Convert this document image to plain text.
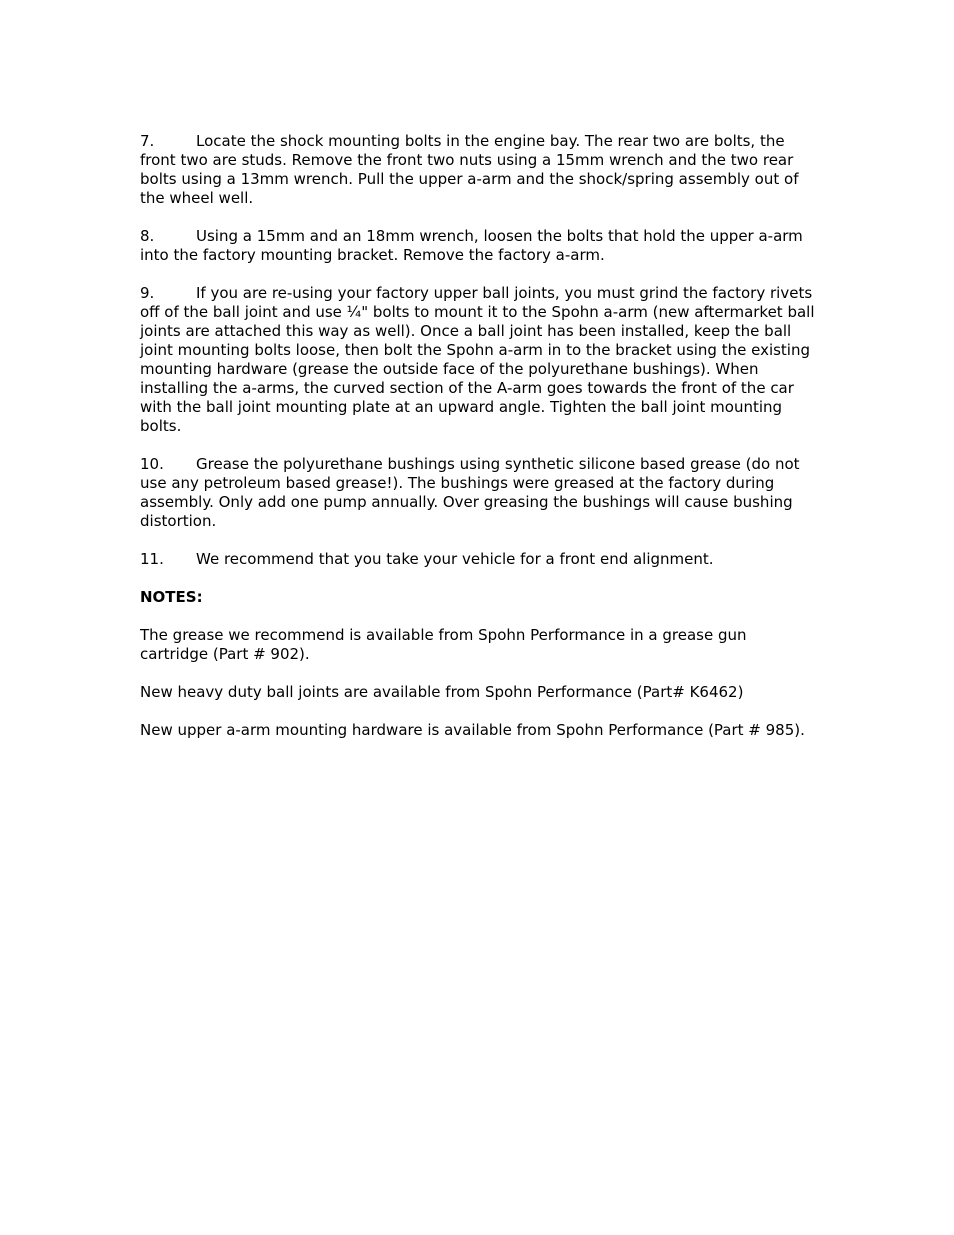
7.	Locate the shock mounting bolts in the engine bay. The rear two are bolts, the front two are studs. Remove the front two nuts using a 15mm wrench and the two rear bolts using a 13mm wrench. Pull the upper a-arm and the shock/spring assembly out of the wheel well.

8.	Using a 15mm and an 18mm wrench, loosen the bolts that hold the upper a-arm into the factory mounting bracket. Remove the factory a-arm.

9.	If you are re-using your factory upper ball joints, you must grind the factory rivets off of the ball joint and use ¼" bolts to mount it to the Spohn a-arm (new aftermarket ball joints are attached this way as well). Once a ball joint has been installed, keep the ball joint mounting bolts loose, then bolt the Spohn a-arm in to the bracket using the existing mounting hardware (grease the outside face of the polyurethane bushings). When installing the a-arms, the curved section of the A-arm goes towards the front of the car with the ball joint mounting plate at an upward angle. Tighten the ball joint mounting bolts.

10. Grease the polyurethane bushings using synthetic silicone based grease (do not use any petroleum based grease!). The bushings were greased at the factory during assembly. Only add one pump annually. Over greasing the bushings will cause bushing distortion.

11. We recommend that you take your vehicle for a front end alignment.

NOTES:

The grease we recommend is available from Spohn Performance in a grease gun cartridge (Part # 902).

New heavy duty ball joints are available from Spohn Performance (Part# K6462)

New upper a-arm mounting hardware is available from Spohn Performance (Part # 985).
